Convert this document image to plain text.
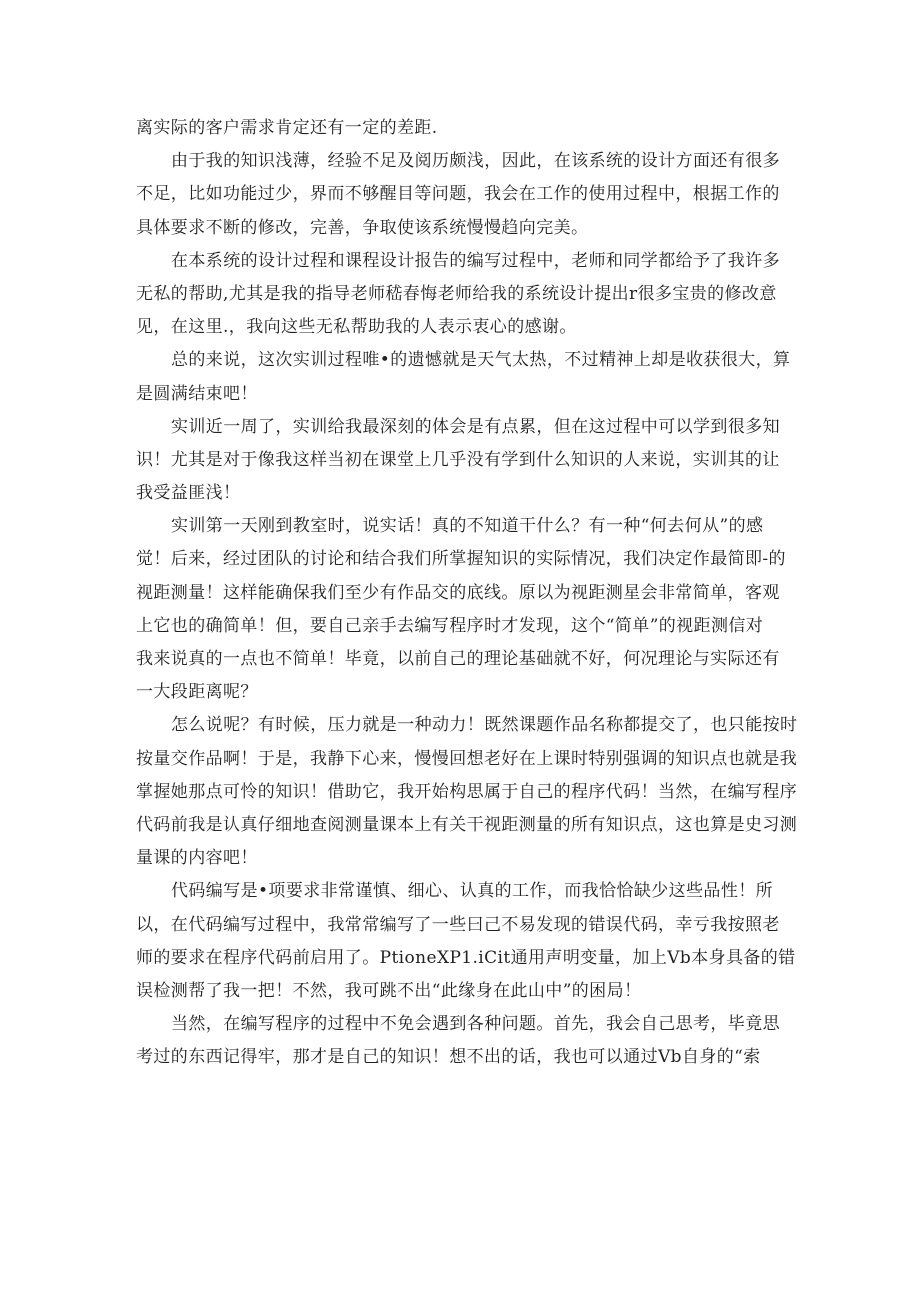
离实际的客户需求肯定还有一定的差距.
由于我的知识浅薄，经验不足及阅历颇浅，因此，在该系统的设计方面还有很多
不足，比如功能过少，界而不够醒目等问题，我会在工作的使用过程中，根据工作的
具体要求不断的修改，完善，争取使该系统慢慢趋向完美。
在本系统的设计过程和课程设计报告的编写过程中，老师和同学都给予了我许多
无私的帮助,尤其是我的指导老师嵇春悔老师给我的系统设计提出r很多宝贵的修改意
见，在这里.，我向这些无私帮助我的人表示衷心的感谢。
总的来说，这次实训过程唯•的遗憾就是天气太热，不过精神上却是收获很大，算
是圆满结束吧！
实训近一周了，实训给我最深刻的体会是有点累，但在这过程中可以学到很多知
识！尤其是对于像我这样当初在课堂上几乎没有学到什么知识的人来说，实训其的让
我受益匪浅！
实训第一天刚到教室时，说实话！真的不知道干什么？有一种“何去何从”的感
觉！后来，经过团队的讨论和结合我们所掌握知识的实际情况，我们决定作最简即-的
视距测量！这样能确保我们至少有作品交的底线。原以为视距测星会非常简单，客观
上它也的确简单！但，要自己亲手去编写程序时才发现，这个“简单”的视距测信对
我来说真的一点也不简单！毕竟，以前自己的理论基础就不好，何况理论与实际还有
一大段距离呢？
怎么说呢？有时候，压力就是一种动力！既然课题作品名称都提交了，也只能按时
按量交作品啊！于是，我静下心来，慢慢回想老好在上课时特别强调的知识点也就是我
掌握她那点可怜的知识！借助它，我开始构思属于自己的程序代码！当然，在编写程序
代码前我是认真仔细地查阅测量课本上有关干视距测量的所有知识点，这也算是史习测
量课的内容吧！
代码编写是•项要求非常谨慎、细心、认真的工作，而我恰恰缺少这些品性！所
以，在代码编写过程中，我常常编写了一些曰己不易发现的错误代码，幸亏我按照老
师的要求在程序代码前启用了。PtioneXP1.iCit通用声明变量，加上Vb本身具备的错
误检测帮了我一把！不然，我可跳不出“此缘身在此山中”的困局！
当然，在编写程序的过程中不免会遇到各种问题。首先，我会自己思考，毕竟思
考过的东西记得牢，那才是自己的知识！想不出的话，我也可以通过Vb自身的“索
